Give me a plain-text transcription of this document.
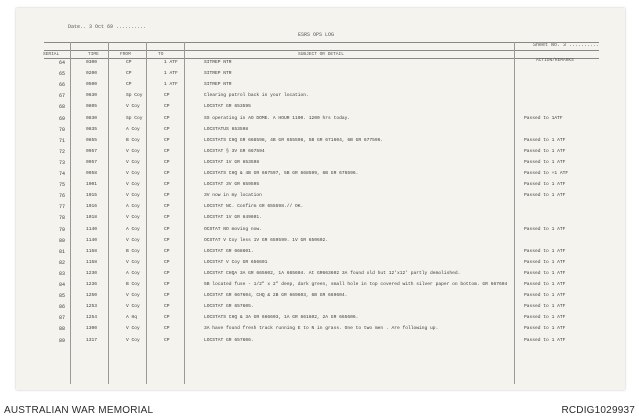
Date.. 3 Oct 69 ..........
ESRS OPS LOG
Sheet No. 3 ..........
SERIAL	TIME	FROM	TO	SUBJECT OR DETAIL
ACTION/REMARKS
64	0300	CP	1 ATF	SITREP NTR
65	0200	CP	1 ATF	SITREP NTR
66	0500	CP	1 ATF	SITREP NTR
67	0630	Sp Coy	CP	Clearing patrol back in your location.
68	0805	V Coy	CP	LOCSTAT GR 653595
69	0830	Sp Coy	CP	SS operating in AO DOME. A HOUR 1100. 1200 hrs today.	Passed to 1ATF
70	0835	A Coy	CP	LOCSTATUS 653598
71	0855	B Coy	CP	LOCSTATS CHQ GR 668598, 4B GR 655598, 5B GR 671604, 6B GR 677596.	Passed to 1 ATF
72	0957	V Coy	CP	LOCSTAT § 3V GR 667594	Passed to 1 ATF
73	0957	V Coy	CP	LOCSTAT 1V GR 653598	Passed to 1 ATF
74	0958	V Coy	CP	LOCSTATS CHQ & 4B GR 667597, 5B GR 668599, 6B GR 676596.	Passed to +1 ATF
75	1001	V Coy	CP	LOCSTAT 3V GR 659595	Passed to 1 ATF
76	1015	V Coy	CP	3V now in my location	Passed to 1 ATF
77	1016	A Coy	CP	LOCSTAT NC. Confirm GR 655598.// OK.
78	1018	V Coy	CP	LOCSTAT 1V GR 649601.
79	1140	A Coy	CP	OCSTAT NO moving now.	Passed to 1 ATF
80	1140	V Coy	CP	OCSTAT V Coy less 1V GR 659599. 1V GR 650602.
81	1158	B Coy	CP	LOCSTAT GR 668601.	Passed to 1 ATF
82	1158	V Coy	CP	LOCSTAT V Coy GR 656601	Passed to 1 ATF
83	1230	A Coy	CP	LOCSTAT CHQA 3A GR 665602, 1A 665604. At GR663602 3A found old hut 12'x12' partly demolished.	Passed to 1 ATF
84	1236	B Coy	CP	5B located fuse - 1/2" x 2" deep, dark green, small hole in top covered with silver paper on bottom. GR 667604	Passed to 1 ATF
85	1250	V Coy	CP	LOCSTAT GR 667604, CHQ & 2B GR 669603, 6B GR 669604.	Passed to 1 ATF
86	1253	V Coy	CP	LOCSTAT GR 657605.	Passed to 1 ATF
87	1254	A Hq	CP	LOCSTATS CHQ & 3A GR 666603, 1A GR 661602, 2A GR 665606.	Passed to 1 ATF
88	1300	V Coy	CP	3A have found fresh track running E to N in grass. One to two men . Are following up.	Passed to 1 ATF
89	1317	V Coy	CP	LOCSTAT GR 657606.	Passed to 1 ATF
AUSTRALIAN WAR MEMORIAL	RCDIG1029937
